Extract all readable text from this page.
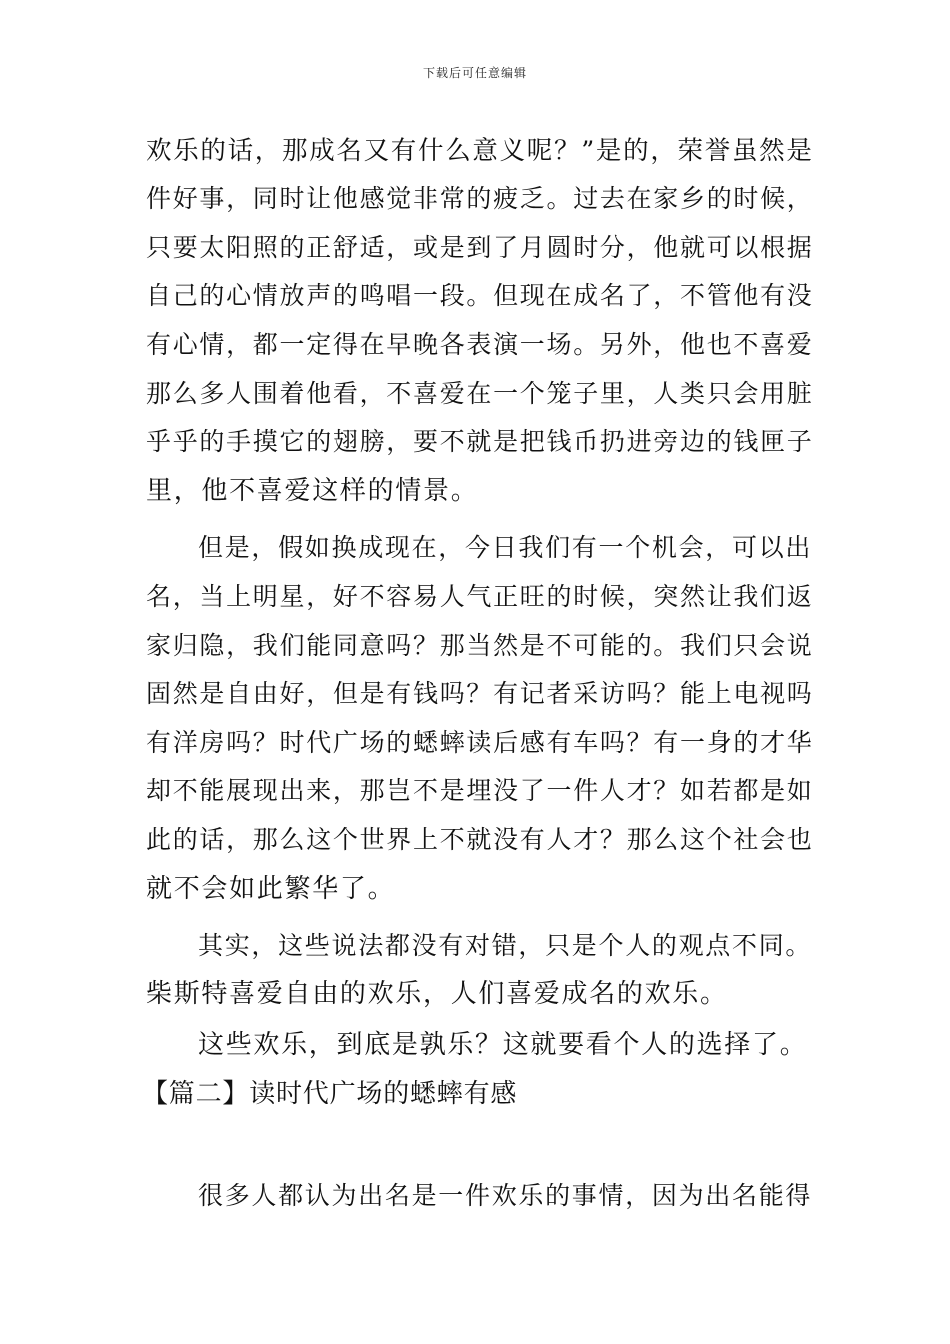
下载后可任意编辑
欢乐的话，那成名又有什么意义呢？”是的，荣誉虽然是
件好事，同时让他感觉非常的疲乏。过去在家乡的时候，
只要太阳照的正舒适，或是到了月圆时分，他就可以根据
自己的心情放声的鸣唱一段。但现在成名了，不管他有没
有心情，都一定得在早晚各表演一场。另外，他也不喜爱
那么多人围着他看，不喜爱在一个笼子里，人类只会用脏
乎乎的手摸它的翅膀，要不就是把钱币扔进旁边的钱匣子
里，他不喜爱这样的情景。
但是，假如换成现在，今日我们有一个机会，可以出
名，当上明星，好不容易人气正旺的时候，突然让我们返
家归隐，我们能同意吗？那当然是不可能的。我们只会说
固然是自由好，但是有钱吗？有记者采访吗？能上电视吗
有洋房吗？时代广场的蟋蟀读后感有车吗？有一身的才华
却不能展现出来，那岂不是埋没了一件人才？如若都是如
此的话，那么这个世界上不就没有人才？那么这个社会也
就不会如此繁华了。
其实，这些说法都没有对错，只是个人的观点不同。
柴斯特喜爱自由的欢乐，人们喜爱成名的欢乐。
这些欢乐，到底是孰乐？这就要看个人的选择了。
【篇二】读时代广场的蟋蟀有感
很多人都认为出名是一件欢乐的事情，因为出名能得
